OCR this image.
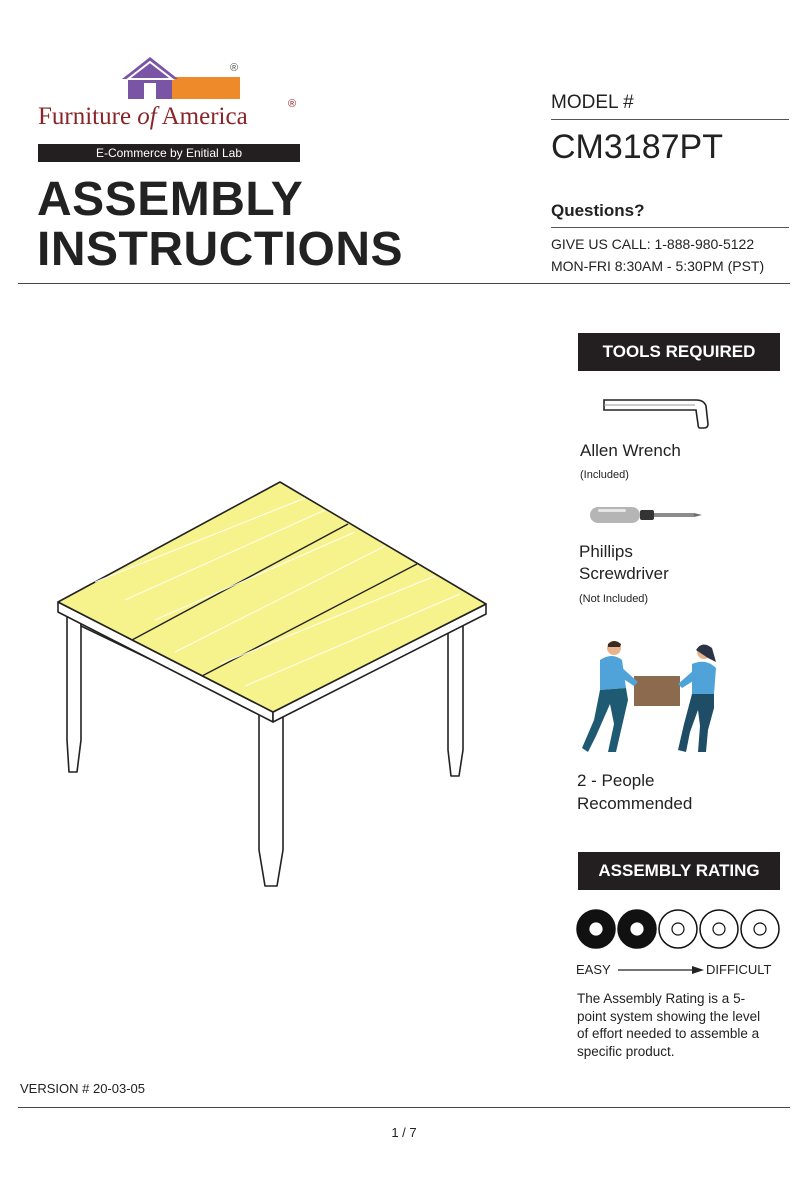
®
Furniture of America	®
E-Commerce by Enitial Lab
ASSEMBLY
INSTRUCTIONS
MODEL #
CM3187PT
Questions?
GIVE US CALL: 1-888-980-5122
MON-FRI 8:30AM - 5:30PM (PST)
TOOLS REQUIRED
Allen Wrench
(Included)
Phillips
Screwdriver
(Not Included)
2 - People
Recommended
ASSEMBLY RATING
EASY	DIFFICULT
The Assembly Rating is a 5-point system showing the level of effort needed to assemble a specific product.
VERSION # 20-03-05
1 / 7
